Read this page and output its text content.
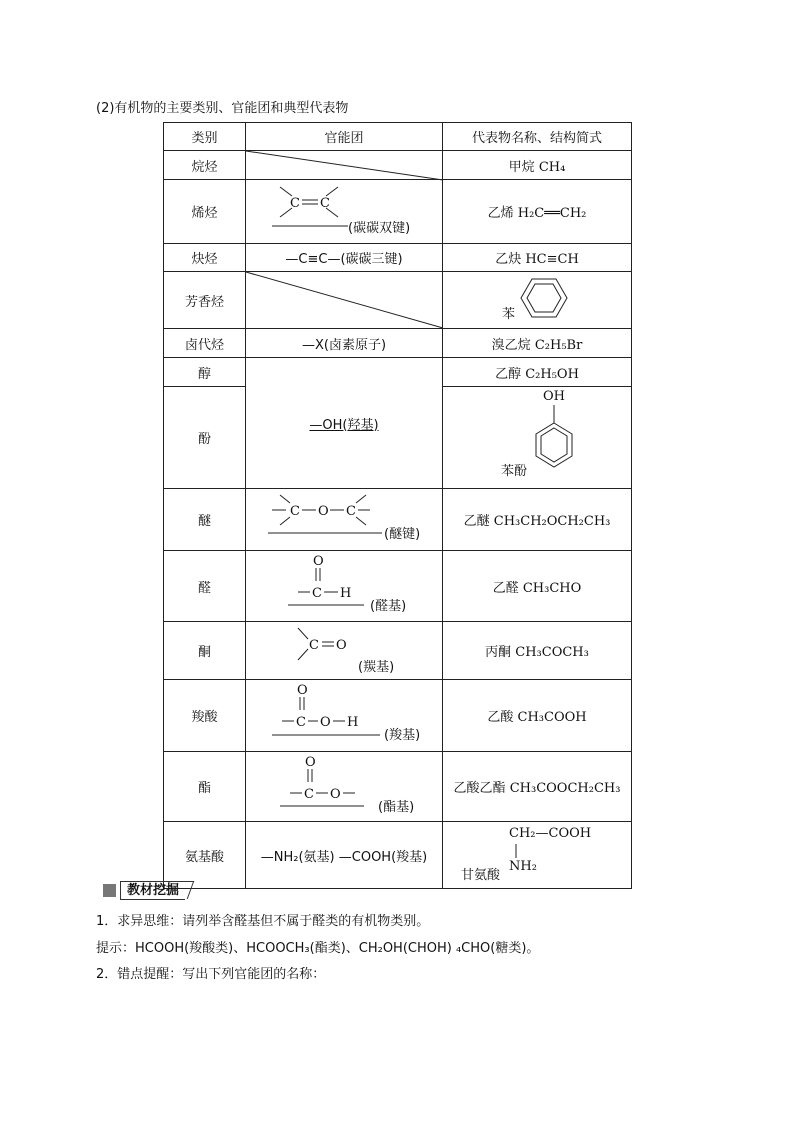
(2)有机物的主要类别、官能团和典型代表物
类别	官能团	代表物名称、结构简式
烷烃		甲烷 CH₄
烯烃	C C
(碳碳双键)	乙烯 H₂C══CH₂
炔烃	—C≡C—(碳碳三键)	乙炔 HC≡CH
芳香烃		苯

卤代烃	—X(卤素原子)	溴乙烷 C₂H₅Br
醇	—OH(羟基)	乙醇 C₂H₅OH
酚		OH
苯酚

醚	C O C
(醚键)	乙醚 CH₃CH₂OCH₂CH₃
醛	O
C H
(醛基)	乙醛 CH₃CHO
酮	C O
(羰基)	丙酮 CH₃COCH₃
羧酸	O
C O H
(羧基)	乙酸 CH₃COOH
酯	O
C O
(酯基)	乙酸乙酯 CH₃COOCH₂CH₃
氨基酸	—NH₂(氨基) —COOH(羧基)	CH₂—COOH
NH₂
甘氨酸
教材挖掘
1．求异思维：请列举含醛基但不属于醛类的有机物类别。
提示：HCOOH(羧酸类)、HCOOCH₃(酯类)、CH₂OH(CHOH) ₄CHO(糖类)。
2．错点提醒：写出下列官能团的名称：
